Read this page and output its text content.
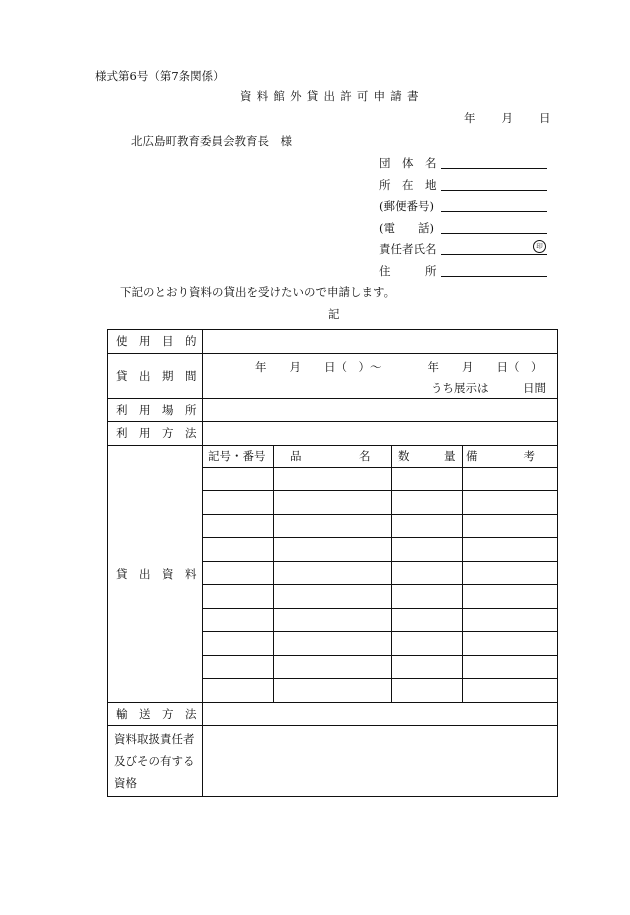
様式第6号（第7条関係）
資料館外貸出許可申請書
年 月 日
北広島町教育委員会教育長　様
団　体　名
所　在　地
(郵便番号)
(電　　話)
責任者氏名	印
住　　　所
下記のとおり資料の貸出を受けたいので申請します。
記
使　用　目　的				
貸　出　期　間	年　　月　　日（　）～　　　　年　　月　　日（　）
うち展示は　　　日間			

利　用　場　所				
利　用　方　法				
貸　出　資　料	記号・番号	品　　　　　名	数　　　量	備　　　　考

輸　送　方　法				

資料取扱責任者
及びその有する
資格				
